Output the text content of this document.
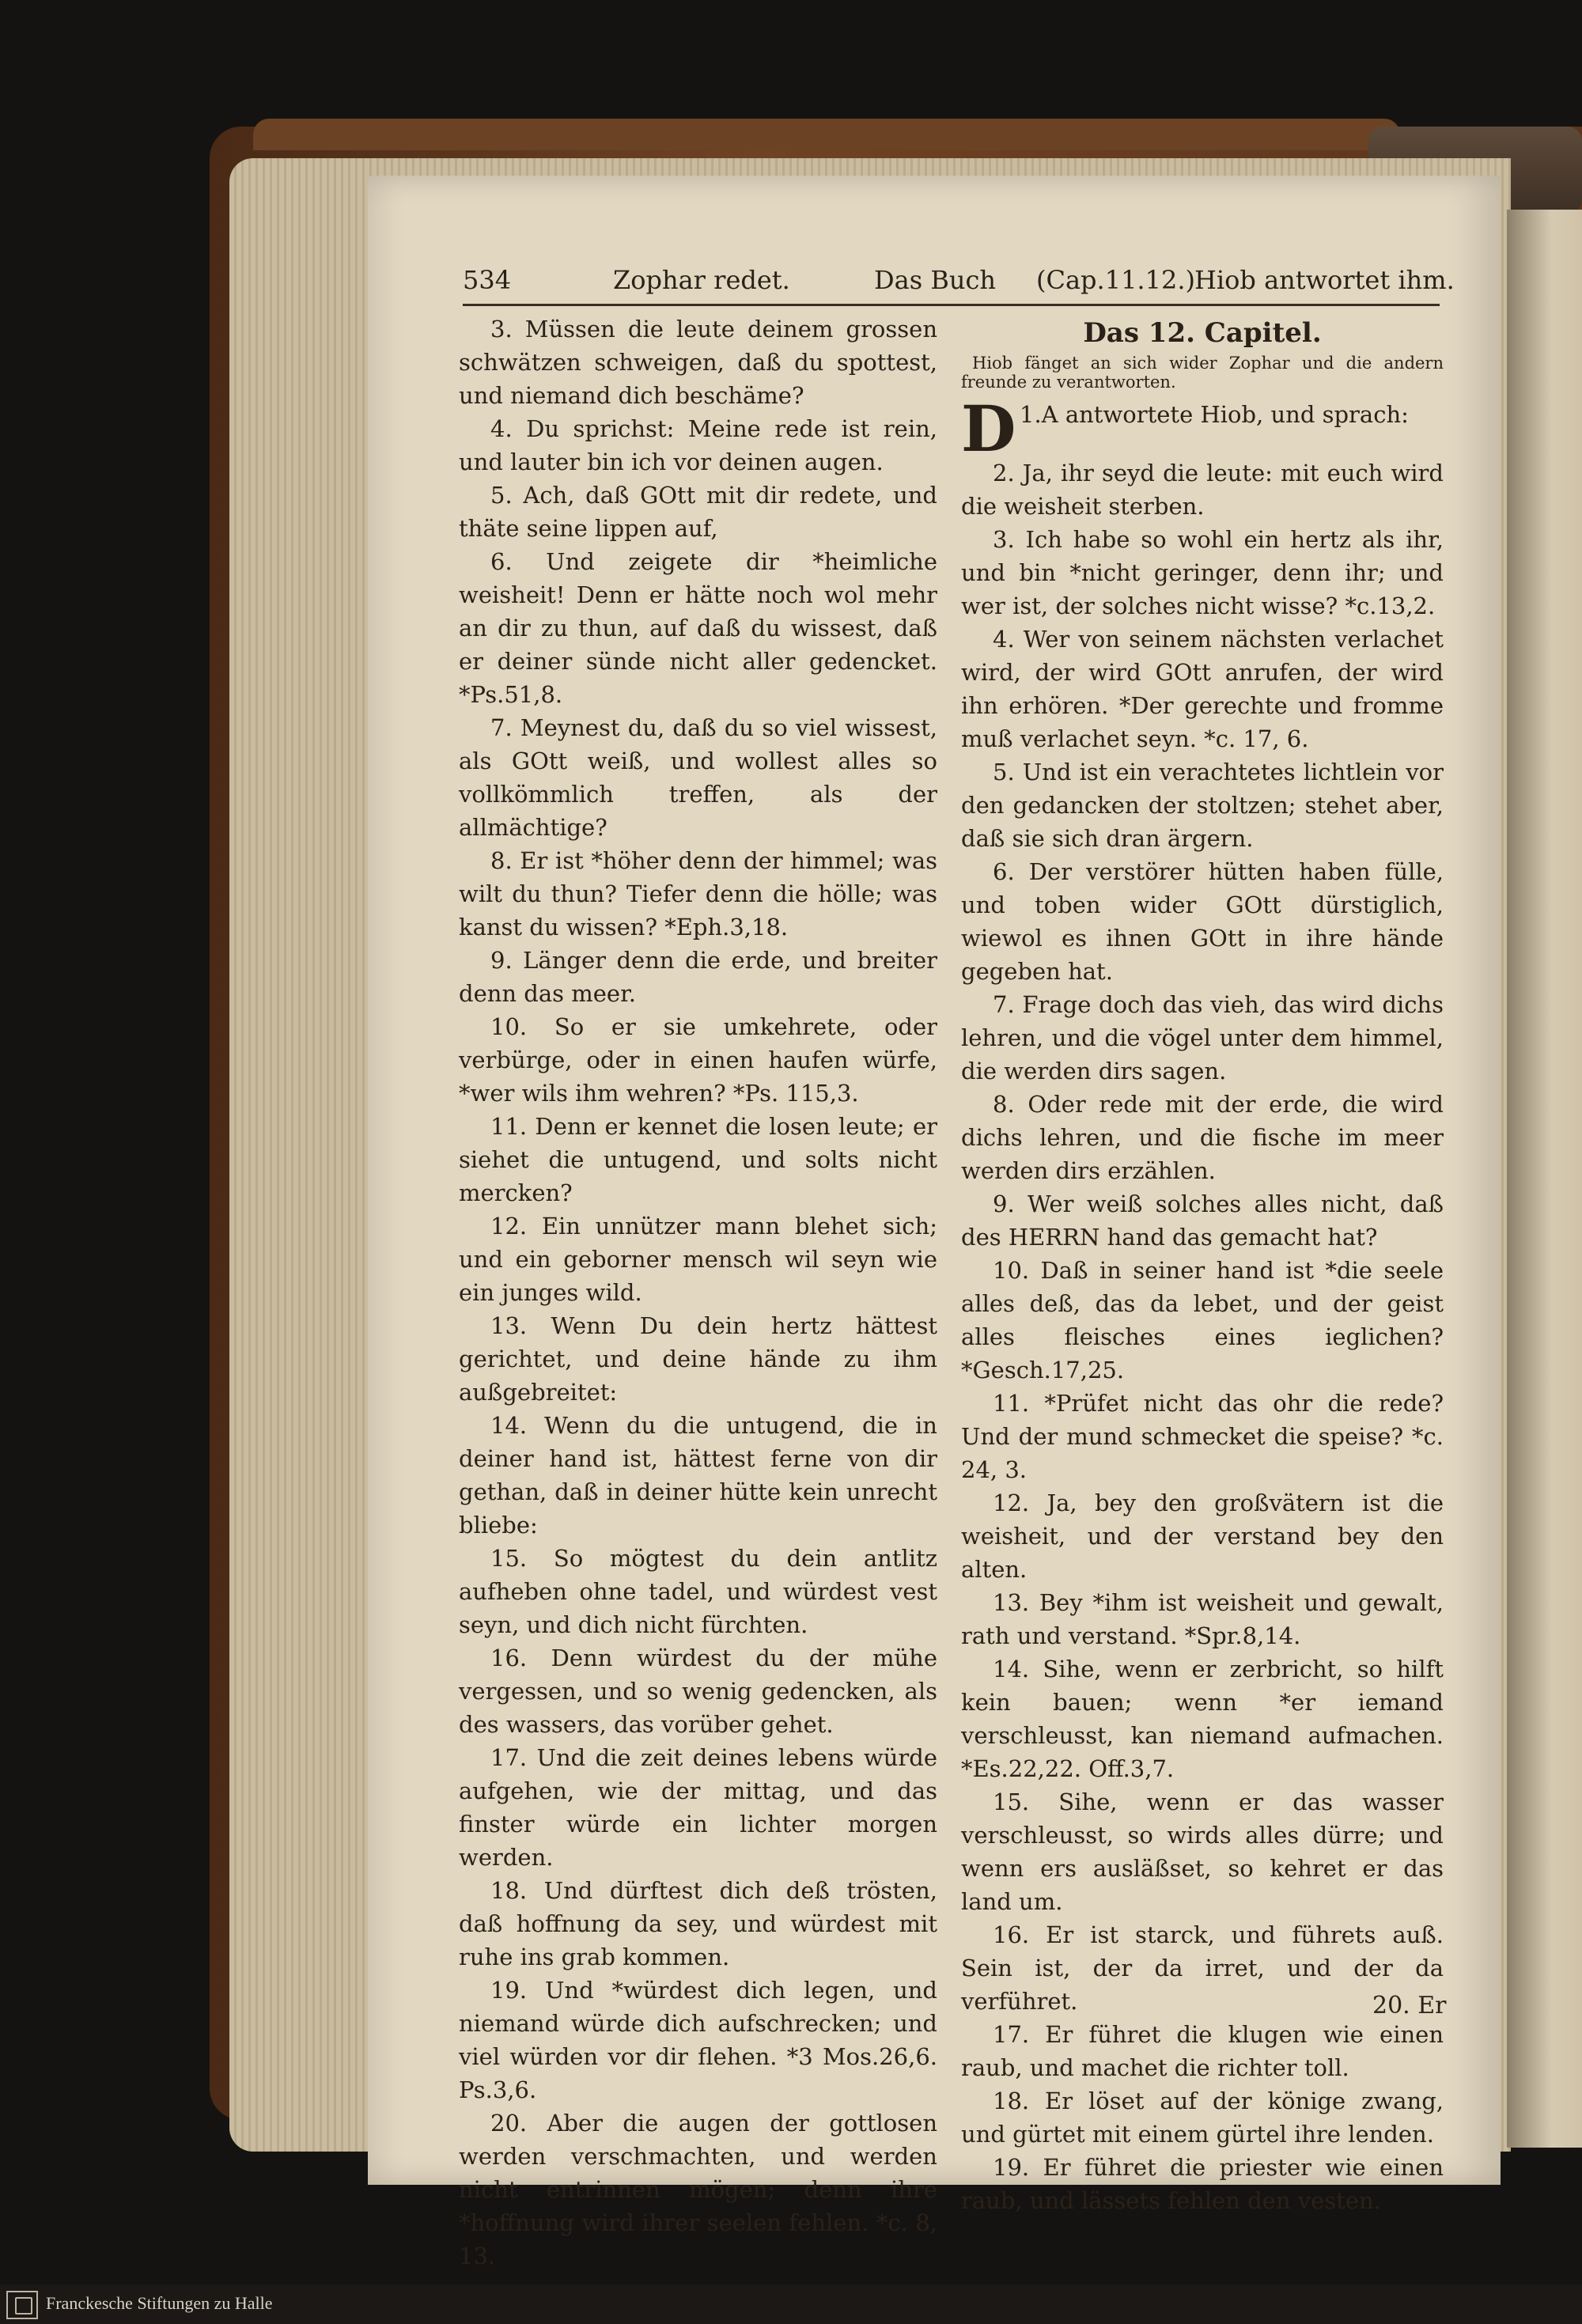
534	Zophar redet.	Das Buch (Cap.11.12.) Hiob antwortet ihm.

3. Müssen die leute deinem grossen schwätzen schweigen, daß du spottest, und niemand dich beschäme?

4. Du sprichst: Meine rede ist rein, und lauter bin ich vor deinen augen.

5. Ach, daß GOtt mit dir redete, und thäte seine lippen auf,

6. Und zeigete dir *heimliche weisheit! Denn er hätte noch wol mehr an dir zu thun, auf daß du wissest, daß er deiner sünde nicht aller gedencket. *Ps.51,8.

7. Meynest du, daß du so viel wissest, als GOtt weiß, und wollest alles so vollkömmlich treffen, als der allmächtige?

8. Er ist *höher denn der himmel; was wilt du thun? Tiefer denn die hölle; was kanst du wissen? *Eph.3,18.

9. Länger denn die erde, und breiter denn das meer.

10. So er sie umkehrete, oder verbürge, oder in einen haufen würfe, *wer wils ihm wehren? *Ps. 115,3.

11. Denn er kennet die losen leute; er siehet die untugend, und solts nicht mercken?

12. Ein unnützer mann blehet sich; und ein geborner mensch wil seyn wie ein junges wild.

13. Wenn Du dein hertz hättest gerichtet, und deine hände zu ihm außgebreitet:

14. Wenn du die untugend, die in deiner hand ist, hättest ferne von dir gethan, daß in deiner hütte kein unrecht bliebe:

15. So mögtest du dein antlitz aufheben ohne tadel, und würdest vest seyn, und dich nicht fürchten.

16. Denn würdest du der mühe vergessen, und so wenig gedencken, als des wassers, das vorüber gehet.

17. Und die zeit deines lebens würde aufgehen, wie der mittag, und das finster würde ein lichter morgen werden.

18. Und dürftest dich deß trösten, daß hoffnung da sey, und würdest mit ruhe ins grab kommen.

19. Und *würdest dich legen, und niemand würde dich aufschrecken; und viel würden vor dir flehen. *3 Mos.26,6. Ps.3,6.

20. Aber die augen der gottlosen werden verschmachten, und werden nicht entrinnen mögen; denn ihre *hoffnung wird ihrer seelen fehlen. *c. 8, 13.

Das 12. Capitel.

Hiob fänget an sich wider Zophar und die andern freunde zu verantworten.

1.
D A antwortete Hiob, und sprach:

2. Ja, ihr seyd die leute: mit euch wird die weisheit sterben.

3. Ich habe so wohl ein hertz als ihr, und bin *nicht geringer, denn ihr; und wer ist, der solches nicht wisse? *c.13,2.

4. Wer von seinem nächsten verlachet wird, der wird GOtt anrufen, der wird ihn erhören. *Der gerechte und fromme muß verlachet seyn. *c. 17, 6.

5. Und ist ein verachtetes lichtlein vor den gedancken der stoltzen; stehet aber, daß sie sich dran ärgern.

6. Der verstörer hütten haben fülle, und toben wider GOtt dürstiglich, wiewol es ihnen GOtt in ihre hände gegeben hat.

7. Frage doch das vieh, das wird dichs lehren, und die vögel unter dem himmel, die werden dirs sagen.

8. Oder rede mit der erde, die wird dichs lehren, und die fische im meer werden dirs erzählen.

9. Wer weiß solches alles nicht, daß des HERRN hand das gemacht hat?

10. Daß in seiner hand ist *die seele alles deß, das da lebet, und der geist alles fleisches eines ieglichen? *Gesch.17,25.

11. *Prüfet nicht das ohr die rede? Und der mund schmecket die speise? *c. 24, 3.

12. Ja, bey den großvätern ist die weisheit, und der verstand bey den alten.

13. Bey *ihm ist weisheit und gewalt, rath und verstand. *Spr.8,14.

14. Sihe, wenn er zerbricht, so hilft kein bauen; wenn *er iemand verschleusst, kan niemand aufmachen. *Es.22,22. Off.3,7.

15. Sihe, wenn er das wasser verschleusst, so wirds alles dürre; und wenn ers ausläßset, so kehret er das land um.

16. Er ist starck, und führets auß. Sein ist, der da irret, und der da verführet.

17. Er führet die klugen wie einen raub, und machet die richter toll.

18. Er löset auf der könige zwang, und gürtet mit einem gürtel ihre lenden.

19. Er führet die priester wie einen raub, und lässets fehlen den vesten.

20. Er
Franckesche Stiftungen zu Halle
